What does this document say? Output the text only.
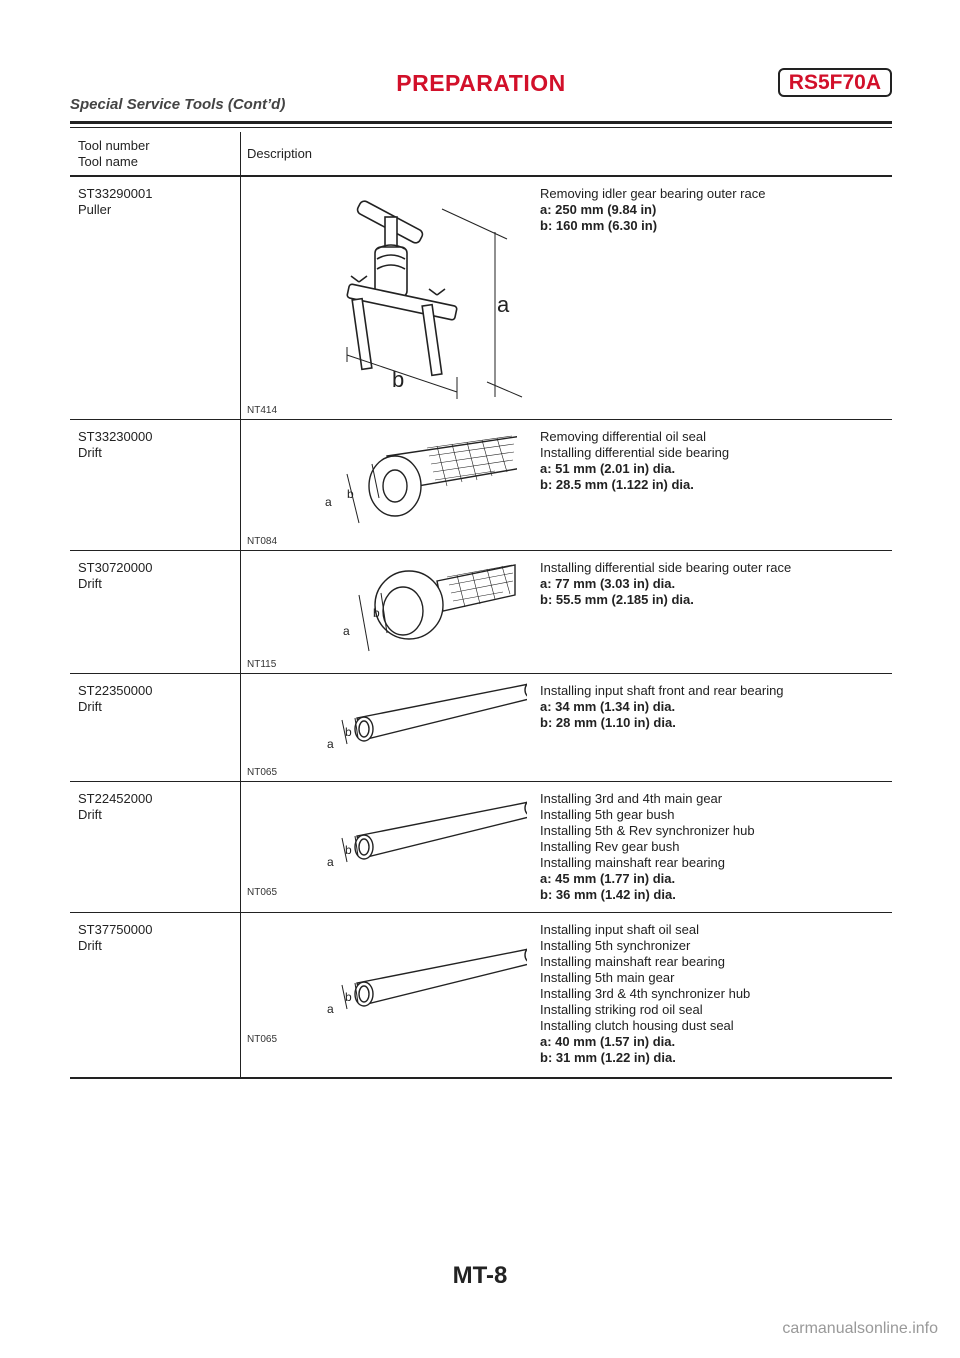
PREPARATION	RS5F70A
Special Service Tools (Cont’d)
Tool number
Tool name
Description
ST33290001
Puller
a
b
NT414
Removing idler gear bearing outer race
a: 250 mm (9.84 in)
b: 160 mm (6.30 in)
ST33230000
Drift
a
b
NT084
Removing differential oil seal
Installing differential side bearing
a: 51 mm (2.01 in) dia.
b: 28.5 mm (1.122 in) dia.
ST30720000
Drift
a
b
NT115
Installing differential side bearing outer race
a: 77 mm (3.03 in) dia.
b: 55.5 mm (2.185 in) dia.
ST22350000
Drift
a
b
NT065
Installing input shaft front and rear bearing
a: 34 mm (1.34 in) dia.
b: 28 mm (1.10 in) dia.
ST22452000
Drift
a
b
NT065
Installing 3rd and 4th main gear
Installing 5th gear bush
Installing 5th & Rev synchronizer hub
Installing Rev gear bush
Installing mainshaft rear bearing
a: 45 mm (1.77 in) dia.
b: 36 mm (1.42 in) dia.
ST37750000
Drift
a
b
NT065
Installing input shaft oil seal
Installing 5th synchronizer
Installing mainshaft rear bearing
Installing 5th main gear
Installing 3rd & 4th synchronizer hub
Installing striking rod oil seal
Installing clutch housing dust seal
a: 40 mm (1.57 in) dia.
b: 31 mm (1.22 in) dia.
MT-8
carmanualsonline.info
